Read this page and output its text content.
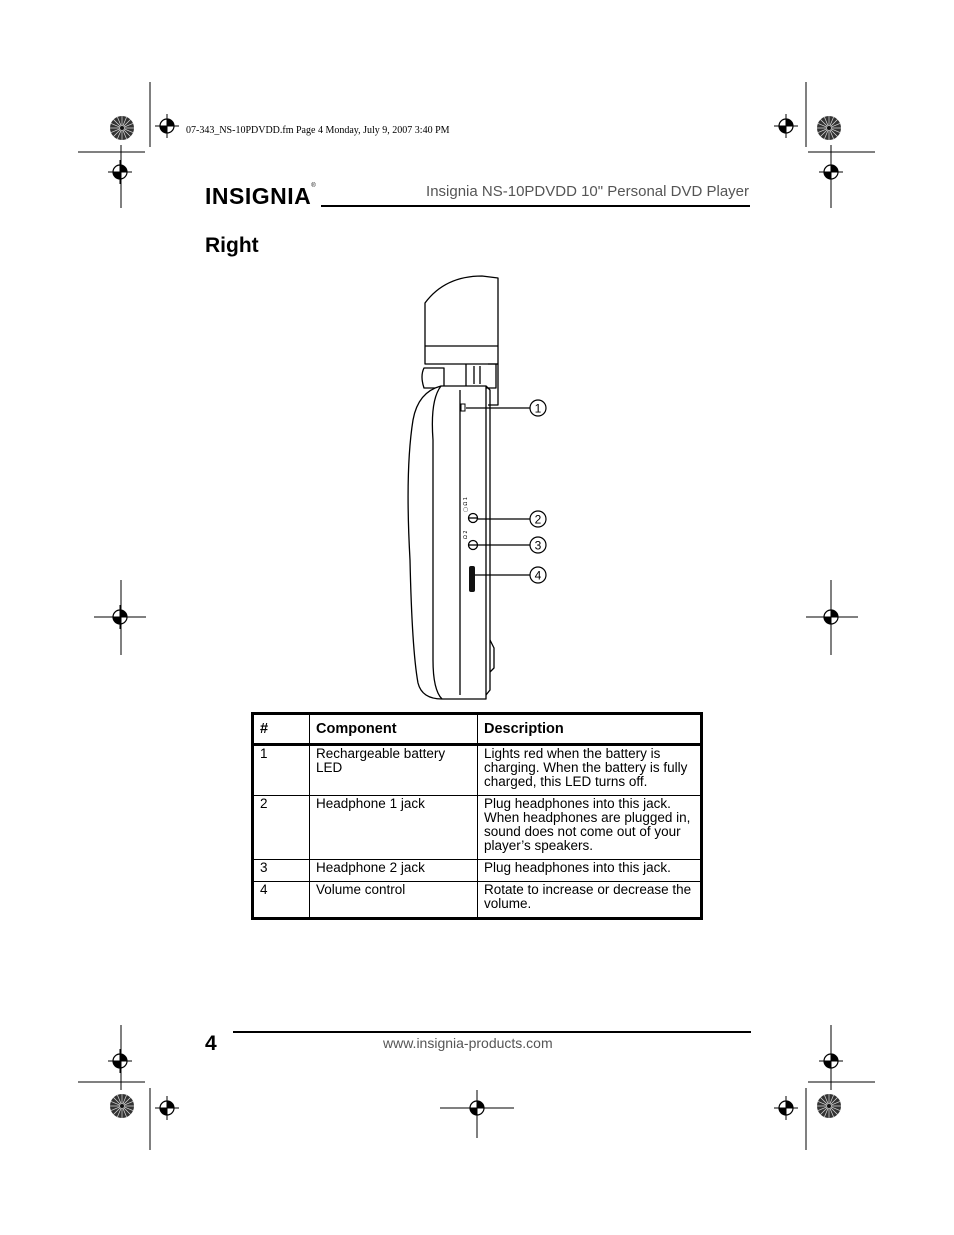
07-343_NS-10PDVDD.fm Page 4 Monday, July 9, 2007 3:40 PM
INSIGNIA®	Insignia NS-10PDVDD 10" Personal DVD Player
Right
▢ Ω 1
Ω 2
1
2
3
4
#	Component	Description
1	Rechargeable battery LED	Lights red when the battery is charging. When the battery is fully charged, this LED turns off.
2	Headphone 1 jack	Plug headphones into this jack. When headphones are plugged in, sound does not come out of your player’s speakers.
3	Headphone 2 jack	Plug headphones into this jack.
4	Volume control	Rotate to increase or decrease the volume.
4	www.insignia-products.com
